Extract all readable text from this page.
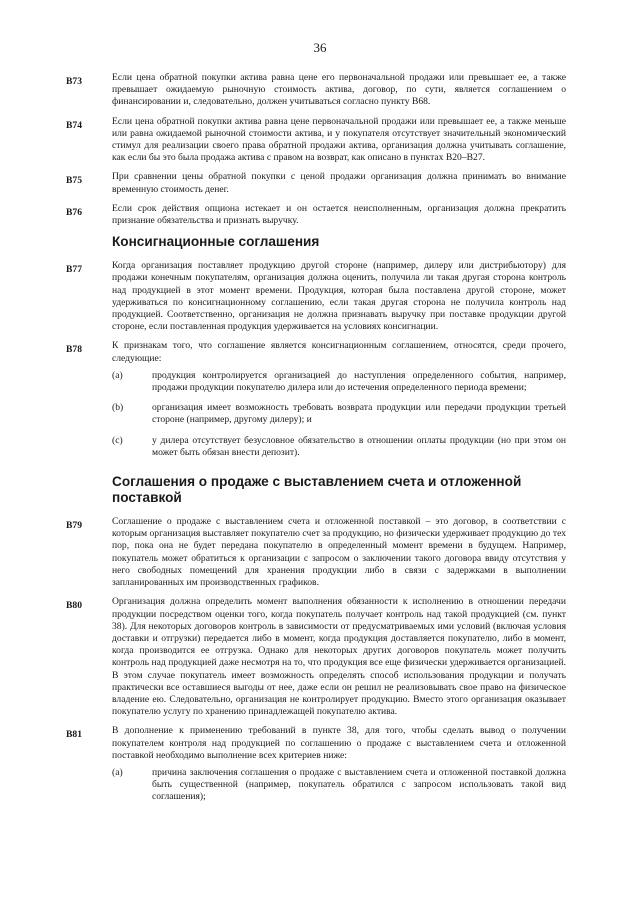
36
B73	Если цена обратной покупки актива равна цене его первоначальной продажи или превышает ее, а также превышает ожидаемую рыночную стоимость актива, договор, по сути, является соглашением о финансировании и, следовательно, должен учитываться согласно пункту B68.
B74	Если цена обратной покупки актива равна цене первоначальной продажи или превышает ее, а также меньше или равна ожидаемой рыночной стоимости актива, и у покупателя отсутствует значительный экономический стимул для реализации своего права обратной продажи актива, организация должна учитывать соглашение, как если бы это была продажа актива с правом на возврат, как описано в пунктах B20–B27.
B75	При сравнении цены обратной покупки с ценой продажи организация должна принимать во внимание временную стоимость денег.
B76	Если срок действия опциона истекает и он остается неисполненным, организация должна прекратить признание обязательства и признать выручку.
Консигнационные соглашения
B77	Когда организация поставляет продукцию другой стороне (например, дилеру или дистрибьютору) для продажи конечным покупателям, организация должна оценить, получила ли такая другая сторона контроль над продукцией в этот момент времени. Продукция, которая была поставлена другой стороне, может удерживаться по консигнационному соглашению, если такая другая сторона не получила контроль над продукцией. Соответственно, организация не должна признавать выручку при поставке продукции другой стороне, если поставленная продукция удерживается на условиях консигнации.
B78	К признакам того, что соглашение является консигнационным соглашением, относятся, среди прочего, следующие:
(a)	продукция контролируется организацией до наступления определенного события, например, продажи продукции покупателю дилера или до истечения определенного периода времени;
(b)	организация имеет возможность требовать возврата продукции или передачи продукции третьей стороне (например, другому дилеру); и
(c)	у дилера отсутствует безусловное обязательство в отношении оплаты продукции (но при этом он может быть обязан внести депозит).
Соглашения о продаже с выставлением счета и отложенной поставкой
B79	Соглашение о продаже с выставлением счета и отложенной поставкой – это договор, в соответствии с которым организация выставляет покупателю счет за продукцию, но физически удерживает продукцию до тех пор, пока она не будет передана покупателю в определенный момент времени в будущем. Например, покупатель может обратиться к организации с запросом о заключении такого договора ввиду отсутствия у него свободных помещений для хранения продукции либо в связи с задержками в выполнении запланированных им производственных графиков.
B80	Организация должна определить момент выполнения обязанности к исполнению в отношении передачи продукции посредством оценки того, когда покупатель получает контроль над такой продукцией (см. пункт 38). Для некоторых договоров контроль в зависимости от предусматриваемых ими условий (включая условия доставки и отгрузки) передается либо в момент, когда продукция доставляется покупателю, либо в момент, когда производится ее отгрузка. Однако для некоторых других договоров покупатель может получить контроль над продукцией даже несмотря на то, что продукция все еще физически удерживается организацией. В этом случае покупатель имеет возможность определять способ использования продукции и получать практически все оставшиеся выгоды от нее, даже если он решил не реализовывать свое право на физическое владение ею. Следовательно, организация не контролирует продукцию. Вместо этого организация оказывает покупателю услугу по хранению принадлежащей покупателю актива.
B81	В дополнение к применению требований в пункте 38, для того, чтобы сделать вывод о получении покупателем контроля над продукцией по соглашению о продаже с выставлением счета и отложенной поставкой необходимо выполнение всех критериев ниже:
(a)	причина заключения соглашения о продаже с выставлением счета и отложенной поставкой должна быть существенной (например, покупатель обратился с запросом использовать такой вид соглашения);
